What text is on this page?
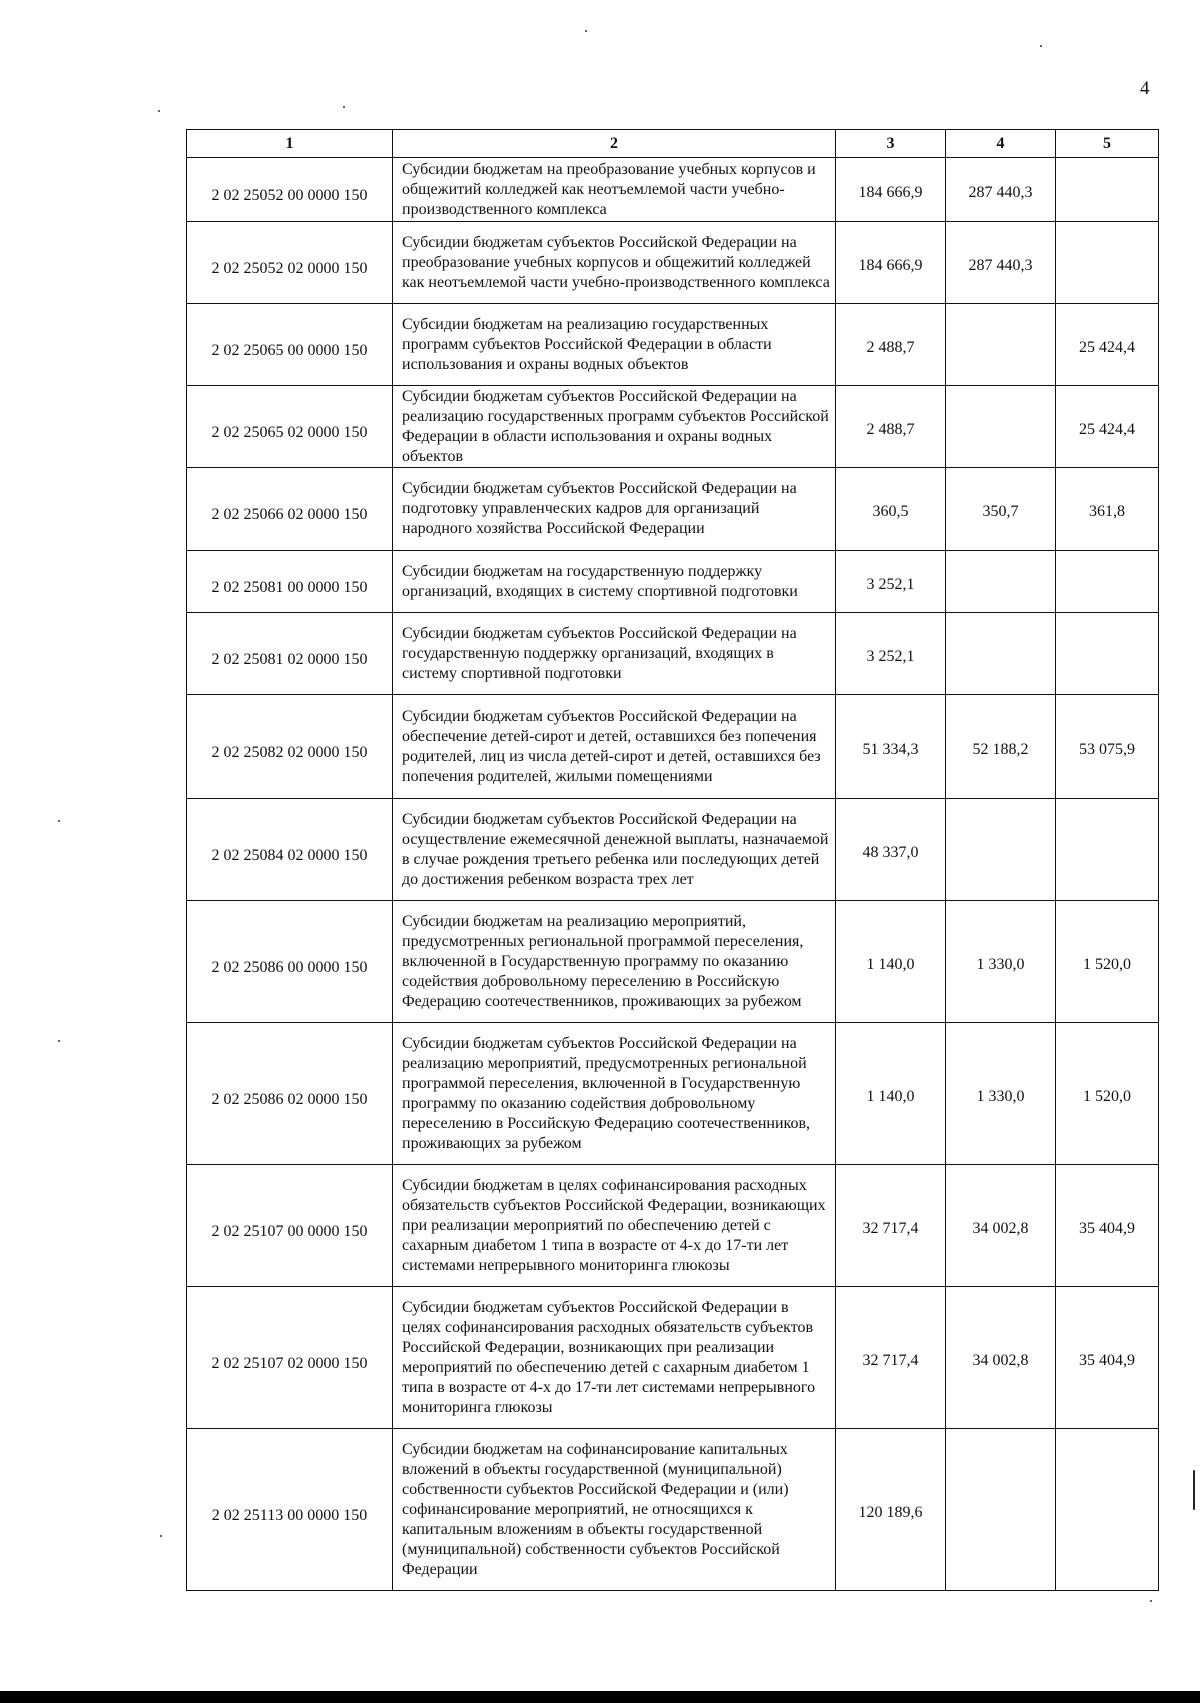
4
1	2	3	4	5
2 02 25052 00 0000 150	Субсидии бюджетам на преобразование учебных корпусов и общежитий колледжей как неотъемлемой части учебно-производственного комплекса	184 666,9	287 440,3	
2 02 25052 02 0000 150	Субсидии бюджетам субъектов Российской Федерации на преобразование учебных корпусов и общежитий колледжей как неотъемлемой части учебно-производственного комплекса	184 666,9	287 440,3	
2 02 25065 00 0000 150	Субсидии бюджетам на реализацию государственных программ субъектов Российской Федерации в области использования и охраны водных объектов	2 488,7		25 424,4
2 02 25065 02 0000 150	Субсидии бюджетам субъектов Российской Федерации на реализацию государственных программ субъектов Российской Федерации в области использования и охраны водных объектов	2 488,7		25 424,4
2 02 25066 02 0000 150	Субсидии бюджетам субъектов Российской Федерации на подготовку управленческих кадров для организаций народного хозяйства Российской Федерации	360,5	350,7	361,8
2 02 25081 00 0000 150	Субсидии бюджетам на государственную поддержку организаций, входящих в систему спортивной подготовки	3 252,1		
2 02 25081 02 0000 150	Субсидии бюджетам субъектов Российской Федерации на государственную поддержку организаций, входящих в систему спортивной подготовки	3 252,1		
2 02 25082 02 0000 150	Субсидии бюджетам субъектов Российской Федерации на обеспечение детей-сирот и детей, оставшихся без попечения родителей, лиц из числа детей-сирот и детей, оставшихся без попечения родителей, жилыми помещениями	51 334,3	52 188,2	53 075,9
2 02 25084 02 0000 150	Субсидии бюджетам субъектов Российской Федерации на осуществление ежемесячной денежной выплаты, назначаемой в случае рождения третьего ребенка или последующих детей до достижения ребенком возраста трех лет	48 337,0		
2 02 25086 00 0000 150	Субсидии бюджетам на реализацию мероприятий, предусмотренных региональной программой переселения, включенной в Государственную программу по оказанию содействия добровольному переселению в Российскую Федерацию соотечественников, проживающих за рубежом	1 140,0	1 330,0	1 520,0
2 02 25086 02 0000 150	Субсидии бюджетам субъектов Российской Федерации на реализацию мероприятий, предусмотренных региональной программой переселения, включенной в Государственную программу по оказанию содействия добровольному переселению в Российскую Федерацию соотечественников, проживающих за рубежом	1 140,0	1 330,0	1 520,0
2 02 25107 00 0000 150	Субсидии бюджетам в целях софинансирования расходных обязательств субъектов Российской Федерации, возникающих при реализации мероприятий по обеспечению детей с сахарным диабетом 1 типа в возрасте от 4-х до 17-ти лет системами непрерывного мониторинга глюкозы	32 717,4	34 002,8	35 404,9
2 02 25107 02 0000 150	Субсидии бюджетам субъектов Российской Федерации в целях софинансирования расходных обязательств субъектов Российской Федерации, возникающих при реализации мероприятий по обеспечению детей с сахарным диабетом 1 типа в возрасте от 4-х до 17-ти лет системами непрерывного мониторинга глюкозы	32 717,4	34 002,8	35 404,9
2 02 25113 00 0000 150	Субсидии бюджетам на софинансирование капитальных вложений в объекты государственной (муниципальной) собственности субъектов Российской Федерации и (или) софинансирование мероприятий, не относящихся к капитальным вложениям в объекты государственной (муниципальной) собственности субъектов Российской Федерации	120 189,6		
